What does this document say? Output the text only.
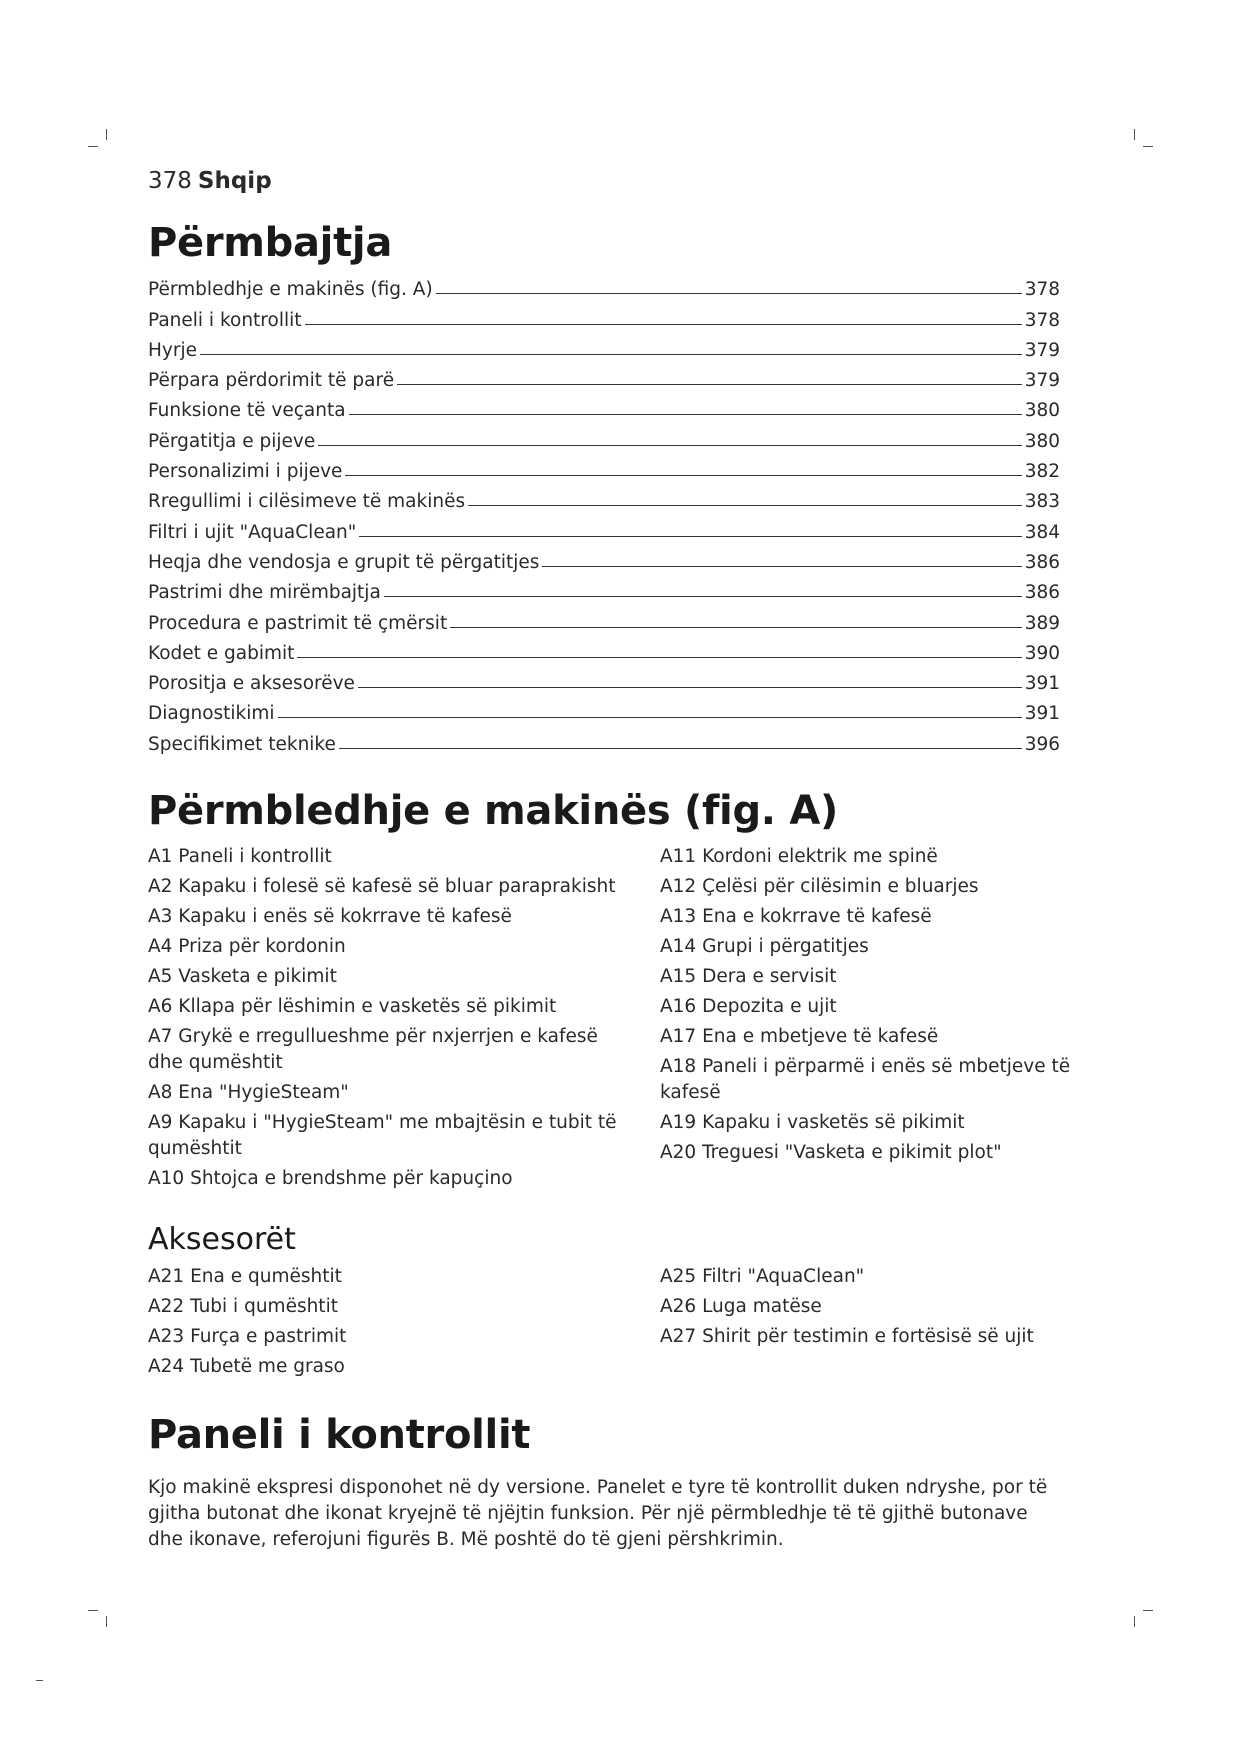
378 Shqip
Përmbajtja
Përmbledhje e makinës (fig. A)	378
Paneli i kontrollit	378
Hyrje	379
Përpara përdorimit të parë	379
Funksione të veçanta	380
Përgatitja e pijeve	380
Personalizimi i pijeve	382
Rregullimi i cilësimeve të makinës	383
Filtri i ujit "AquaClean"	384
Heqja dhe vendosja e grupit të përgatitjes	386
Pastrimi dhe mirëmbajtja	386
Procedura e pastrimit të çmërsit	389
Kodet e gabimit	390
Porositja e aksesorëve	391
Diagnostikimi	391
Specifikimet teknike	396
Përmbledhje e makinës (fig. A)
A1 Paneli i kontrollit
A2 Kapaku i folesë së kafesë së bluar paraprakisht
A3 Kapaku i enës së kokrrave të kafesë
A4 Priza për kordonin
A5 Vasketa e pikimit
A6 Kllapa për lëshimin e vasketës së pikimit
A7 Grykë e rregullueshme për nxjerrjen e kafesë dhe qumështit
A8 Ena "HygieSteam"
A9 Kapaku i "HygieSteam" me mbajtësin e tubit të qumështit
A10 Shtojca e brendshme për kapuçino
A11 Kordoni elektrik me spinë
A12 Çelësi për cilësimin e bluarjes
A13 Ena e kokrrave të kafesë
A14 Grupi i përgatitjes
A15 Dera e servisit
A16 Depozita e ujit
A17 Ena e mbetjeve të kafesë
A18 Paneli i përparmë i enës së mbetjeve të kafesë
A19 Kapaku i vasketës së pikimit
A20 Treguesi "Vasketa e pikimit plot"
Aksesorët
A21 Ena e qumështit
A22 Tubi i qumështit
A23 Furça e pastrimit
A24 Tubetë me graso
A25 Filtri "AquaClean"
A26 Luga matëse
A27 Shirit për testimin e fortësisë së ujit
Paneli i kontrollit

Kjo makinë ekspresi disponohet në dy versione. Panelet e tyre të kontrollit duken ndryshe, por të gjitha butonat dhe ikonat kryejnë të njëjtin funksion. Për një përmbledhje të të gjithë butonave dhe ikonave, referojuni figurës B. Më poshtë do të gjeni përshkrimin.
